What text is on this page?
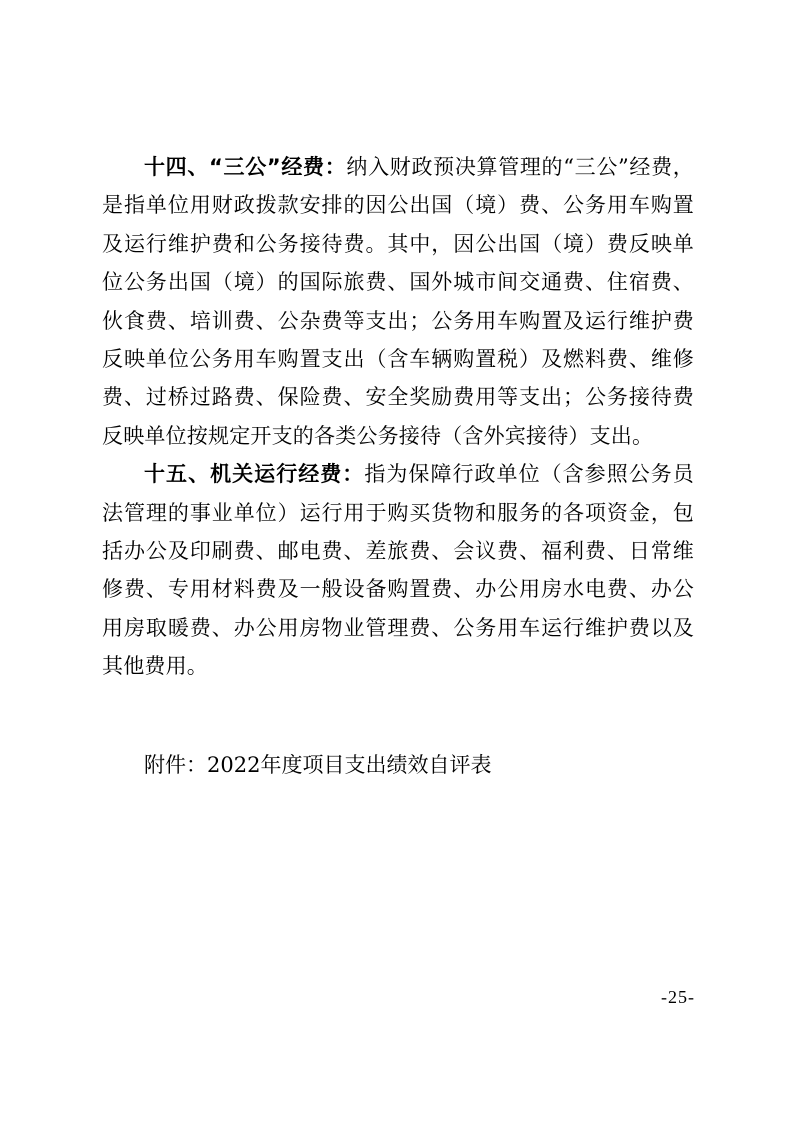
十四、“三公”经费：纳入财政预决算管理的“三公”经费，是指单位用财政拨款安排的因公出国（境）费、公务用车购置及运行维护费和公务接待费。其中，因公出国（境）费反映单位公务出国（境）的国际旅费、国外城市间交通费、住宿费、伙食费、培训费、公杂费等支出；公务用车购置及运行维护费反映单位公务用车购置支出（含车辆购置税）及燃料费、维修费、过桥过路费、保险费、安全奖励费用等支出；公务接待费反映单位按规定开支的各类公务接待（含外宾接待）支出。

十五、机关运行经费：指为保障行政单位（含参照公务员法管理的事业单位）运行用于购买货物和服务的各项资金，包括办公及印刷费、邮电费、差旅费、会议费、福利费、日常维修费、专用材料费及一般设备购置费、办公用房水电费、办公用房取暖费、办公用房物业管理费、公务用车运行维护费以及其他费用。

附件：2022年度项目支出绩效自评表
-25-
